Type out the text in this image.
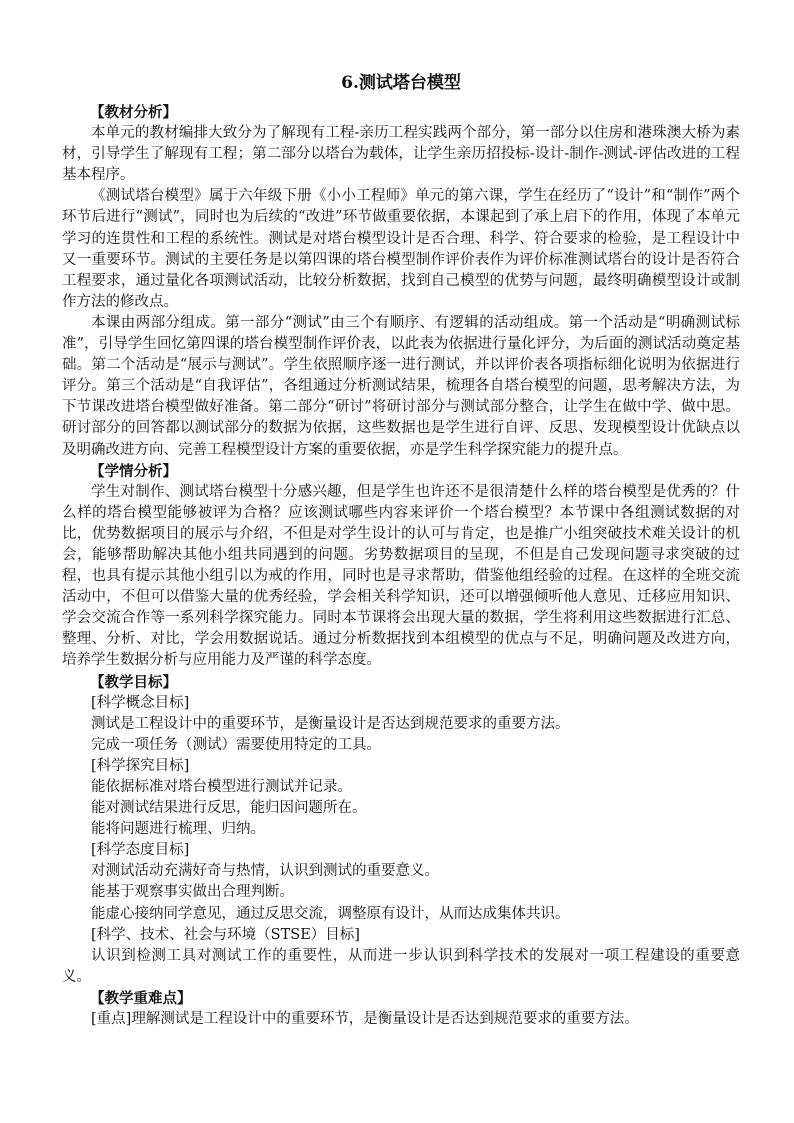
6.测试塔台模型
【教材分析】

本单元的教材编排大致分为了解现有工程-亲历工程实践两个部分，第一部分以住房和港珠澳大桥为素材，引导学生了解现有工程；第二部分以塔台为载体，让学生亲历招投标-设计-制作-测试-评估改进的工程基本程序。

《测试塔台模型》属于六年级下册《小小工程师》单元的第六课，学生在经历了“设计”和“制作”两个环节后进行“测试”，同时也为后续的“改进”环节做重要依据，本课起到了承上启下的作用，体现了本单元学习的连贯性和工程的系统性。测试是对塔台模型设计是否合理、科学、符合要求的检验，是工程设计中又一重要环节。测试的主要任务是以第四课的塔台模型制作评价表作为评价标准测试塔台的设计是否符合工程要求，通过量化各项测试活动，比较分析数据，找到自己模型的优势与问题，最终明确模型设计或制作方法的修改点。

本课由两部分组成。第一部分“测试”由三个有顺序、有逻辑的活动组成。第一个活动是“明确测试标准”，引导学生回忆第四课的塔台模型制作评价表，以此表为依据进行量化评分，为后面的测试活动奠定基础。第二个活动是“展示与测试”。学生依照顺序逐一进行测试，并以评价表各项指标细化说明为依据进行评分。第三个活动是“自我评估”，各组通过分析测试结果，梳理各自塔台模型的问题，思考解决方法，为下节课改进塔台模型做好准备。第二部分“研讨”将研讨部分与测试部分整合，让学生在做中学、做中思。研讨部分的回答都以测试部分的数据为依据，这些数据也是学生进行自评、反思、发现模型设计优缺点以及明确改进方向、完善工程模型设计方案的重要依据，亦是学生科学探究能力的提升点。

【学情分析】

学生对制作、测试塔台模型十分感兴趣，但是学生也许还不是很清楚什么样的塔台模型是优秀的？什么样的塔台模型能够被评为合格？应该测试哪些内容来评价一个塔台模型？本节课中各组测试数据的对比，优势数据项目的展示与介绍，不但是对学生设计的认可与肯定，也是推广小组突破技术难关设计的机会，能够帮助解决其他小组共同遇到的问题。劣势数据项目的呈现，不但是自己发现问题寻求突破的过程，也具有提示其他小组引以为戒的作用，同时也是寻求帮助，借鉴他组经验的过程。在这样的全班交流活动中，不但可以借鉴大量的优秀经验，学会相关科学知识，还可以增强倾听他人意见、迁移应用知识、学会交流合作等一系列科学探究能力。同时本节课将会出现大量的数据，学生将利用这些数据进行汇总、 整理、分析、对比，学会用数据说话。通过分析数据找到本组模型的优点与不足，明确问题及改进方向，培养学生数据分析与应用能力及严谨的科学态度。

【教学目标】
[科学概念目标]
测试是工程设计中的重要环节，是衡量设计是否达到规范要求的重要方法。
完成一项任务（测试）需要使用特定的工具。
[科学探究目标]
能依据标准对塔台模型进行测试并记录。
能对测试结果进行反思，能归因问题所在。
能将问题进行梳理、归纳。
[科学态度目标]
对测试活动充满好奇与热情，认识到测试的重要意义。
能基于观察事实做出合理判断。
能虚心接纳同学意见，通过反思交流，调整原有设计，从而达成集体共识。
[科学、技术、社会与环境（STSE）目标]

认识到检测工具对测试工作的重要性，从而进一步认识到科学技术的发展对一项工程建设的重要意义。

【教学重难点】
[重点]理解测试是工程设计中的重要环节，是衡量设计是否达到规范要求的重要方法。
